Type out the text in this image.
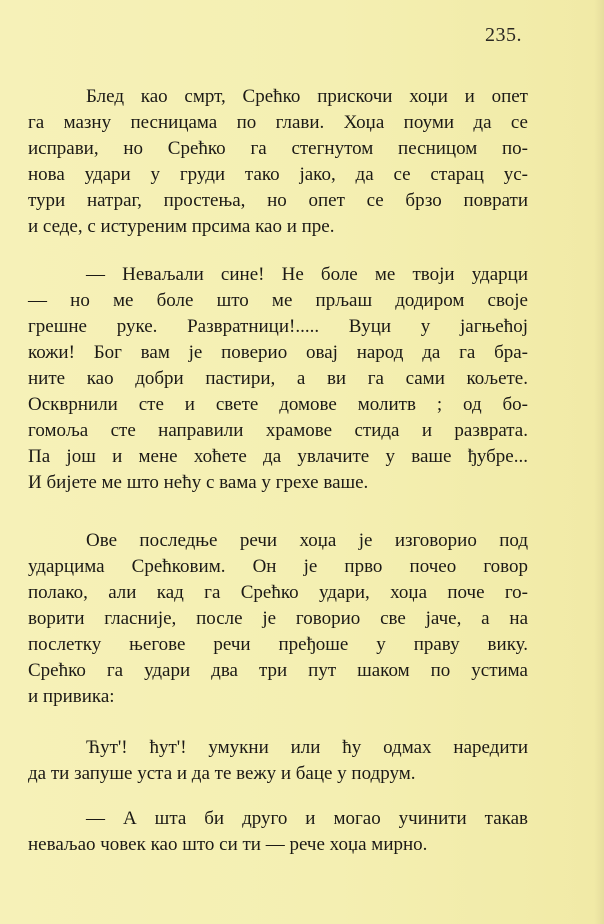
235.
Блед као смрт, Срећко прискочи хоџи и опет
га мазну песницама по глави. Хоџа поуми да се
исправи, но Срећко га стегнутом песницом по-
нова удари у груди тако јако, да се старац ус-
тури натраг, простења, но опет се брзо поврати
и седе, с истуреним прсима као и пре.
— Невaљали сине! Не боле ме твоји ударци
— но ме боле што ме прљаш додиром своје
грешне руке. Развратници!..... Вуци у јагњећој
кожи! Бог вам је поверио овај народ да га бра-
ните као добри пастири, а ви га сами кољете.
Оскврнили сте и свете домове молитв ; од бо-
гомоља сте направили храмове стида и разврата.
Па још и мене хоћете да увлачите у ваше ђубре...
И бијете ме што нећу с вама у грехе ваше.
Ове последње речи хоџа је изговорио под
ударцима Срећковим. Он је прво почео говор
полако, али кад га Срећко удари, хоџа поче го-
ворити гласније, после је говорио све јаче, а на
послетку његове речи пређоше у праву вику.
Срећко га удари два три пут шаком по устима
и привика:
Ћут'! ћут'! умукни или ћу одмах наредити
да ти запуше уста и да те вежу и баце у подрум.
— А шта би друго и могао учинити такав
неваљао човек као што си ти — рече хоџа мирно.
